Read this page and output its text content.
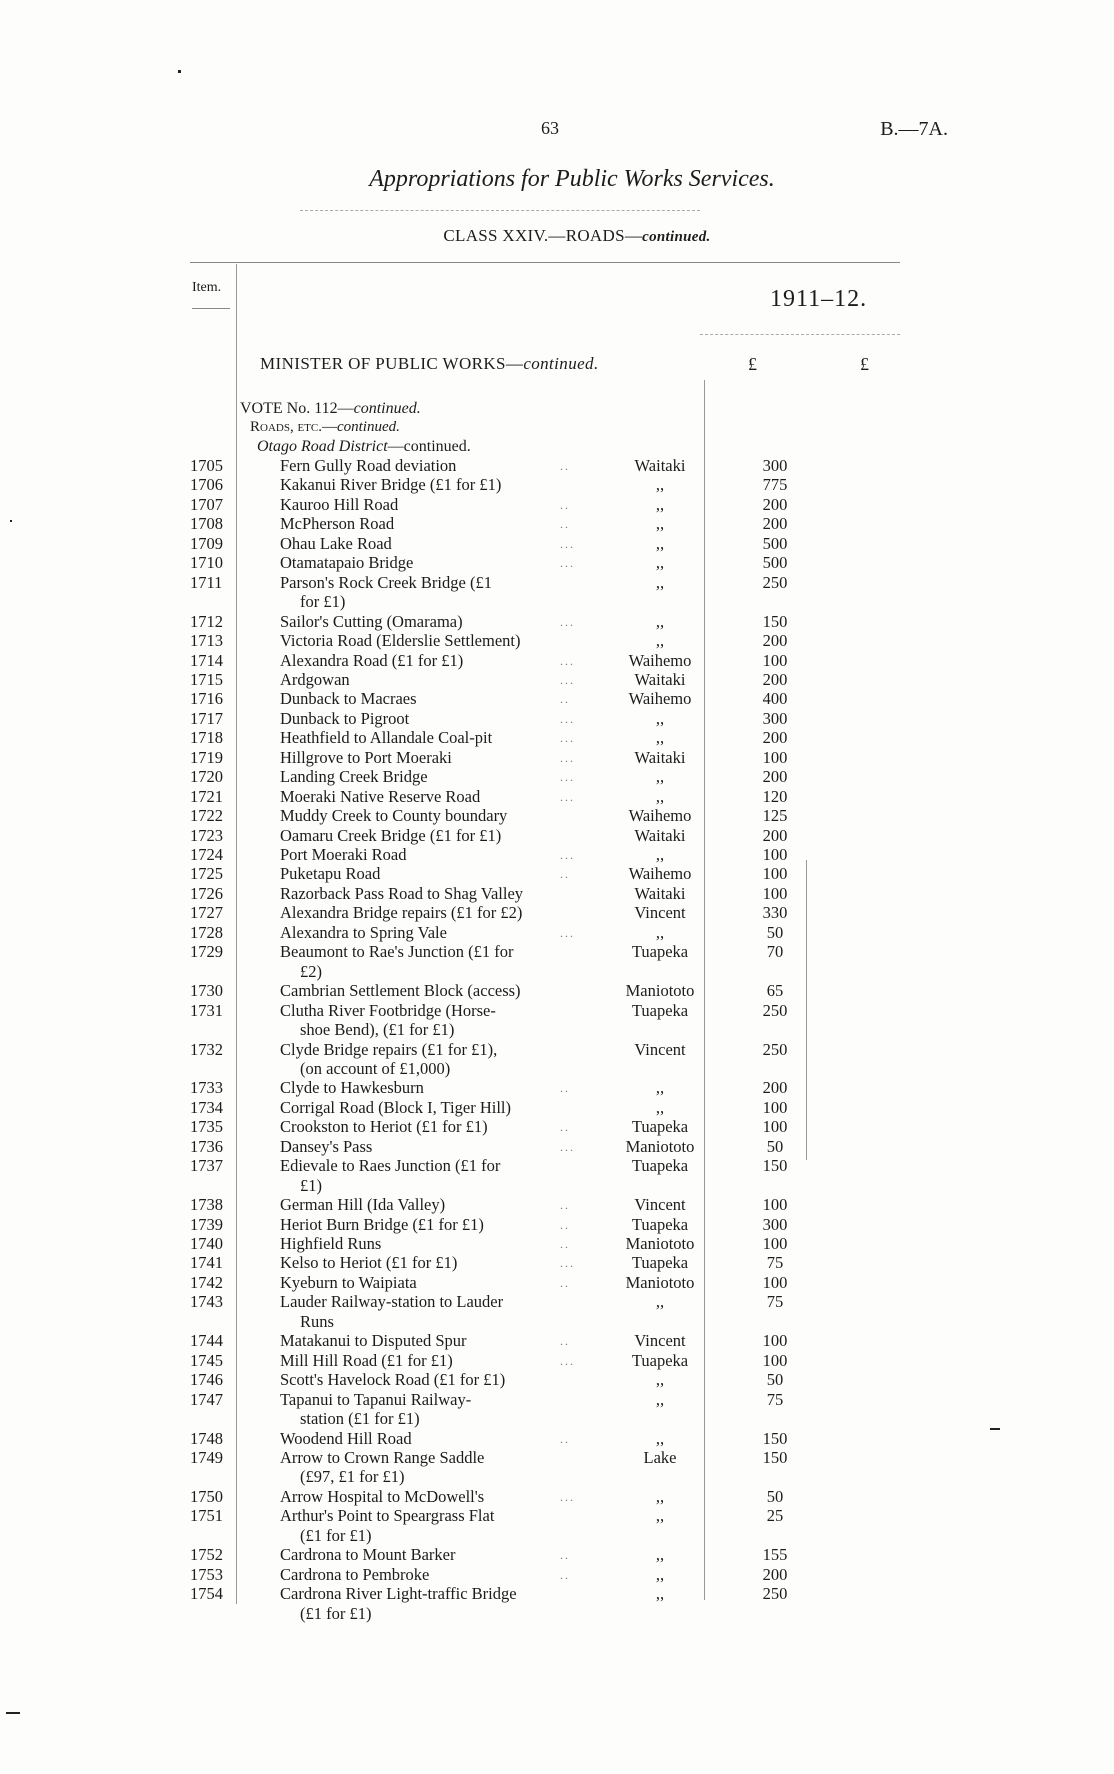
63	B.—7A.
Appropriations for Public Works Services.
CLASS XXIV.—ROADS—continued.
Item.	1911–12.
MINISTER OF PUBLIC WORKS—continued.	£	£
VOTE No. 112—continued.
Roads, etc.—continued.
Otago Road District—continued.
1705	Fern Gully Road deviation	..	Waitaki	300
1706	Kakanui River Bridge (£1 for £1)	,,	775
1707	Kauroo Hill Road	..	,,	200
1708	McPherson Road	..	,,	200
1709	Ohau Lake Road	...	,,	500
1710	Otamatapaio Bridge	...	,,	500
1711	Parson's Rock Creek Bridge (£1	,,	250
for £1)
1712	Sailor's Cutting (Omarama)	...	,,	150
1713	Victoria Road (Elderslie Settlement)	,,	200
1714	Alexandra Road (£1 for £1)	...	Waihemo	100
1715	Ardgowan	...	Waitaki	200
1716	Dunback to Macraes	..	Waihemo	400
1717	Dunback to Pigroot	...	,,	300
1718	Heathfield to Allandale Coal-pit	...	,,	200
1719	Hillgrove to Port Moeraki	...	Waitaki	100
1720	Landing Creek Bridge	...	,,	200
1721	Moeraki Native Reserve Road	...	,,	120
1722	Muddy Creek to County boundary	Waihemo	125
1723	Oamaru Creek Bridge (£1 for £1)	Waitaki	200
1724	Port Moeraki Road	...	,,	100
1725	Puketapu Road	..	Waihemo	100
1726	Razorback Pass Road to Shag Valley	Waitaki	100
1727	Alexandra Bridge repairs (£1 for £2)	Vincent	330
1728	Alexandra to Spring Vale	...	,,	50
1729	Beaumont to Rae's Junction (£1 for	Tuapeka	70
£2)
1730	Cambrian Settlement Block (access)	Maniototo	65
1731	Clutha River Footbridge (Horse-	Tuapeka	250
shoe Bend), (£1 for £1)
1732	Clyde Bridge repairs (£1 for £1),	Vincent	250
(on account of £1,000)
1733	Clyde to Hawkesburn	..	,,	200
1734	Corrigal Road (Block I, Tiger Hill)	,,	100
1735	Crookston to Heriot (£1 for £1)	..	Tuapeka	100
1736	Dansey's Pass	...	Maniototo	50
1737	Edievale to Raes Junction (£1 for	Tuapeka	150
£1)
1738	German Hill (Ida Valley)	..	Vincent	100
1739	Heriot Burn Bridge (£1 for £1)	..	Tuapeka	300
1740	Highfield Runs	..	Maniototo	100
1741	Kelso to Heriot (£1 for £1)	...	Tuapeka	75
1742	Kyeburn to Waipiata	..	Maniototo	100
1743	Lauder Railway-station to Lauder	,,	75
Runs
1744	Matakanui to Disputed Spur	..	Vincent	100
1745	Mill Hill Road (£1 for £1)	...	Tuapeka	100
1746	Scott's Havelock Road (£1 for £1)	,,	50
1747	Tapanui to Tapanui Railway-	,,	75
station (£1 for £1)
1748	Woodend Hill Road	..	,,	150
1749	Arrow to Crown Range Saddle	Lake	150
(£97, £1 for £1)
1750	Arrow Hospital to McDowell's	...	,,	50
1751	Arthur's Point to Speargrass Flat	,,	25
(£1 for £1)
1752	Cardrona to Mount Barker	..	,,	155
1753	Cardrona to Pembroke	..	,,	200
1754	Cardrona River Light-traffic Bridge	,,	250
(£1 for £1)
